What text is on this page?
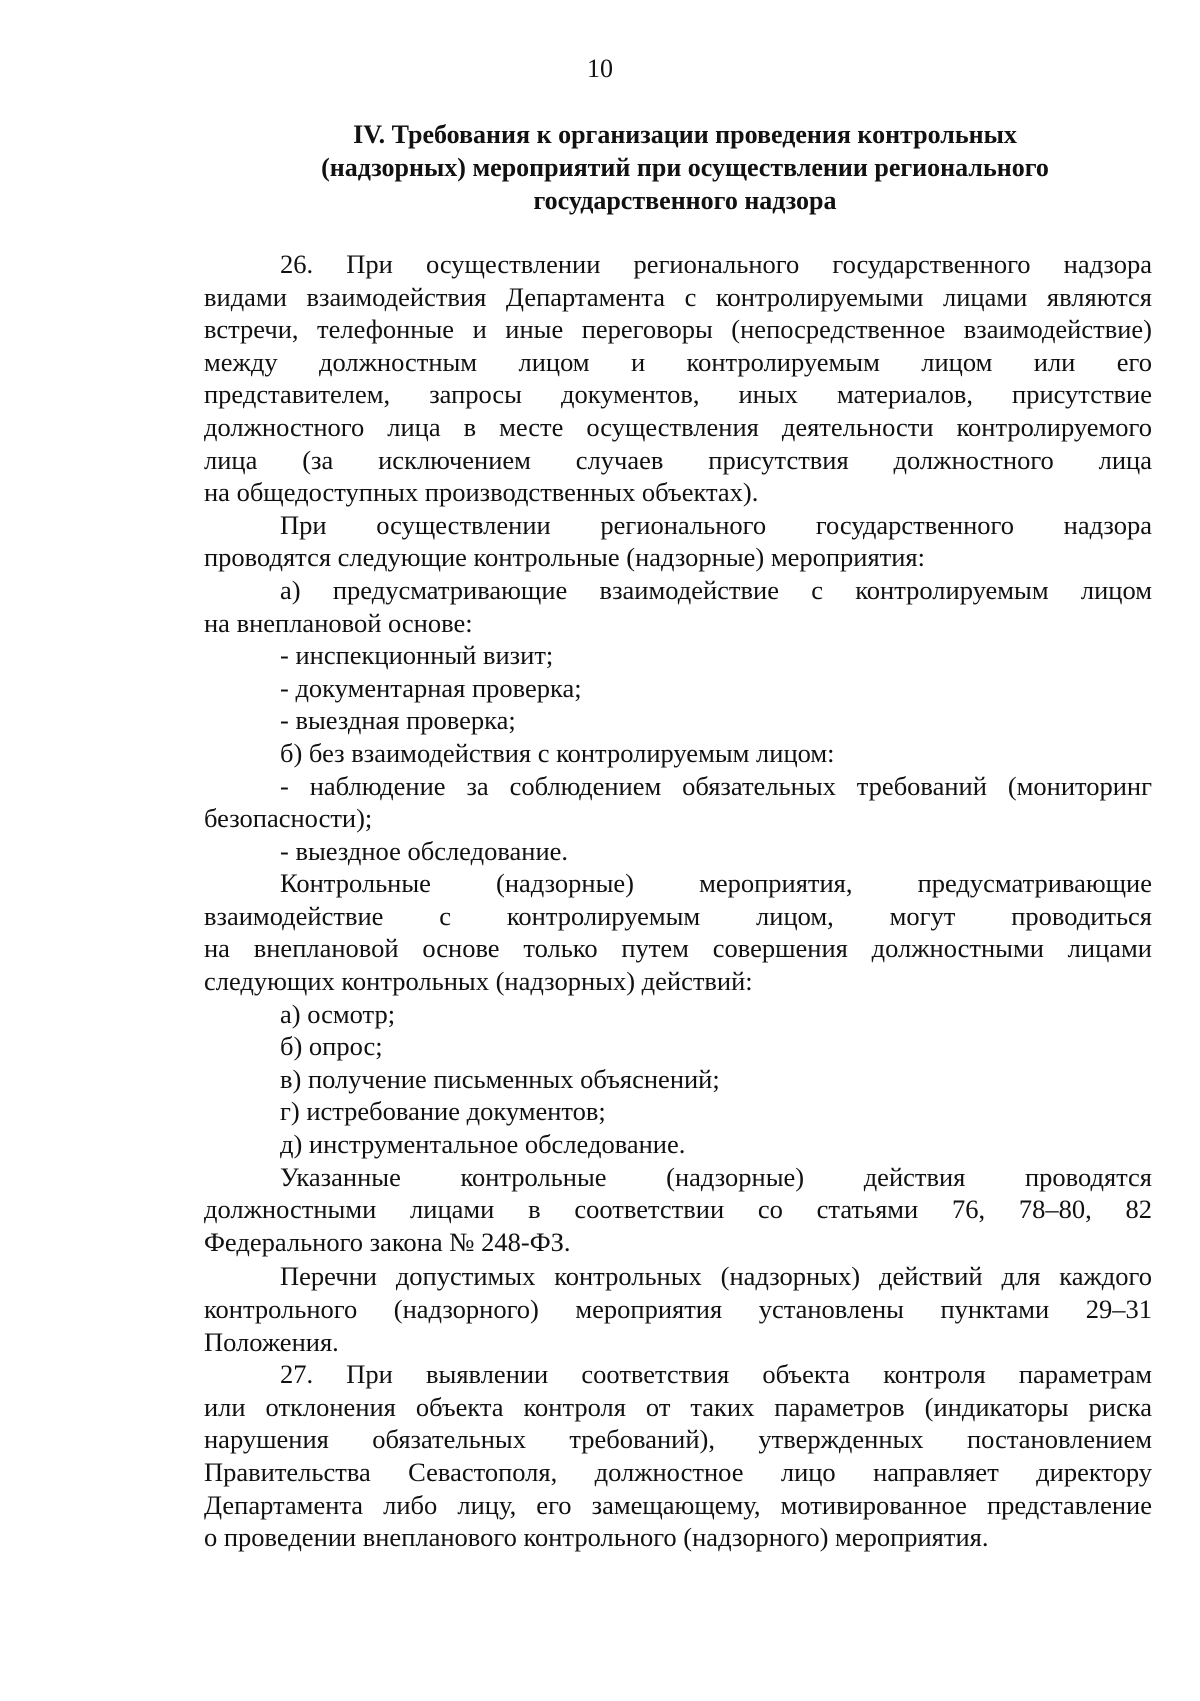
10
IV. Требования к организации проведения контрольных
(надзорных) мероприятий при осуществлении регионального
государственного надзора
26. При осуществлении регионального государственного надзора
видами взаимодействия Департамента с контролируемыми лицами являются
встречи, телефонные и иные переговоры (непосредственное взаимодействие)
между должностным лицом и контролируемым лицом или его
представителем, запросы документов, иных материалов, присутствие
должностного лица в месте осуществления деятельности контролируемого
лица (за исключением случаев присутствия должностного лица
на общедоступных производственных объектах).
При осуществлении регионального государственного надзора
проводятся следующие контрольные (надзорные) мероприятия:
а) предусматривающие взаимодействие с контролируемым лицом
на внеплановой основе:
- инспекционный визит;
- документарная проверка;
- выездная проверка;
б) без взаимодействия с контролируемым лицом:
- наблюдение за соблюдением обязательных требований (мониторинг
безопасности);
- выездное обследование.
Контрольные (надзорные) мероприятия, предусматривающие
взаимодействие с контролируемым лицом, могут проводиться
на внеплановой основе только путем совершения должностными лицами
следующих контрольных (надзорных) действий:
а) осмотр;
б) опрос;
в) получение письменных объяснений;
г) истребование документов;
д) инструментальное обследование.
Указанные контрольные (надзорные) действия проводятся
должностными лицами в соответствии со статьями 76, 78–80, 82
Федерального закона № 248-ФЗ.
Перечни допустимых контрольных (надзорных) действий для каждого
контрольного (надзорного) мероприятия установлены пунктами 29–31
Положения.
27. При выявлении соответствия объекта контроля параметрам
или отклонения объекта контроля от таких параметров (индикаторы риска
нарушения обязательных требований), утвержденных постановлением
Правительства Севастополя, должностное лицо направляет директору
Департамента либо лицу, его замещающему, мотивированное представление
о проведении внепланового контрольного (надзорного) мероприятия.
